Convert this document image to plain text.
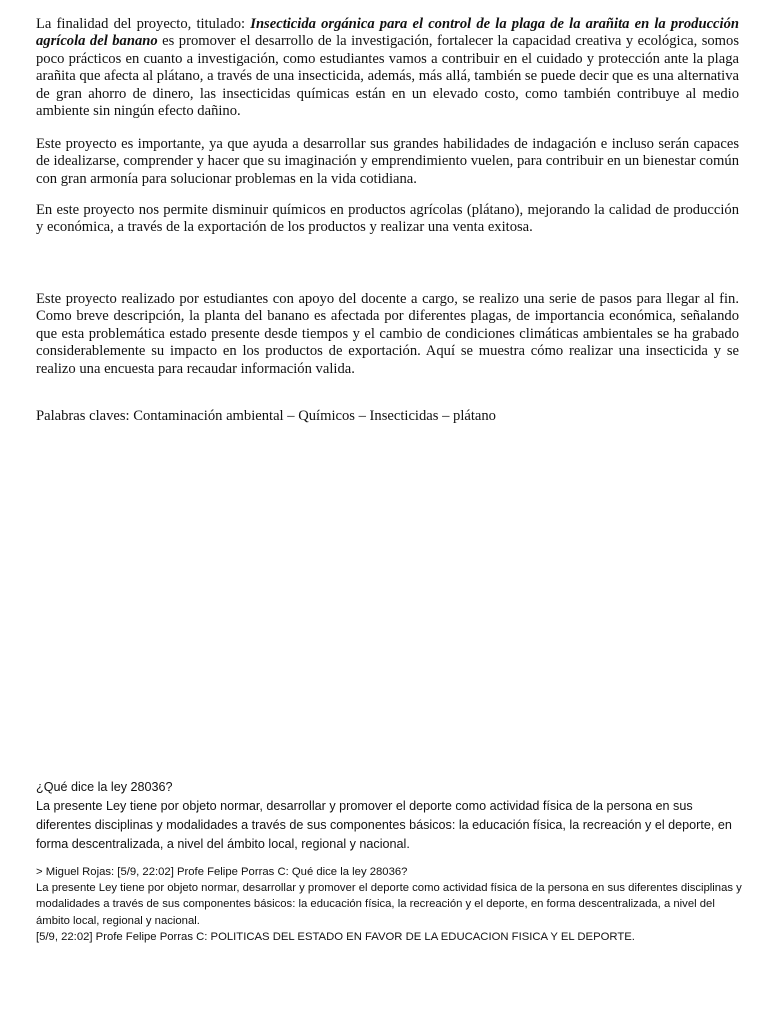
La finalidad del proyecto, titulado: Insecticida orgánica para el control de la plaga de la arañita en la producción agrícola del banano es promover el desarrollo de la investigación, fortalecer la capacidad creativa y ecológica, somos poco prácticos en cuanto a investigación, como estudiantes vamos a contribuir en el cuidado y protección ante la plaga arañita que afecta al plátano, a través de una insecticida, además, más allá, también se puede decir que es una alternativa de gran ahorro de dinero, las insecticidas químicas están en un elevado costo, como también contribuye al medio ambiente sin ningún efecto dañino.

Este proyecto es importante, ya que ayuda a desarrollar sus grandes habilidades de indagación e incluso serán capaces de idealizarse, comprender y hacer que su imaginación y emprendimiento vuelen, para contribuir en un bienestar común con gran armonía para solucionar problemas en la vida cotidiana.

En este proyecto nos permite disminuir químicos en productos agrícolas (plátano), mejorando la calidad de producción y económica, a través de la exportación de los productos y realizar una venta exitosa.

Este proyecto realizado por estudiantes con apoyo del docente a cargo, se realizo una serie de pasos para llegar al fin. Como breve descripción, la planta del banano es afectada por diferentes plagas, de importancia económica, señalando que esta problemática estado presente desde tiempos y el cambio de condiciones climáticas ambientales se ha grabado considerablemente su impacto en los productos de exportación. Aquí se muestra cómo realizar una insecticida y se realizo una encuesta para recaudar información valida.

Palabras claves: Contaminación ambiental – Químicos – Insecticidas – plátano

¿Qué dice la ley 28036?
La presente Ley tiene por objeto normar, desarrollar y promover el deporte como actividad física de la persona en sus diferentes disciplinas y modalidades a través de sus componentes básicos: la educación física, la recreación y el deporte, en forma descentralizada, a nivel del ámbito local, regional y nacional.
> Miguel Rojas: [5/9, 22:02] Profe Felipe Porras C: Qué dice la ley 28036?
La presente Ley tiene por objeto normar, desarrollar y promover el deporte como actividad física de la persona en sus diferentes disciplinas y modalidades a través de sus componentes básicos: la educación física, la recreación y el deporte, en forma descentralizada, a nivel del ámbito local, regional y nacional.
[5/9, 22:02] Profe Felipe Porras C: POLITICAS DEL ESTADO EN FAVOR DE LA EDUCACION FISICA Y EL DEPORTE.
